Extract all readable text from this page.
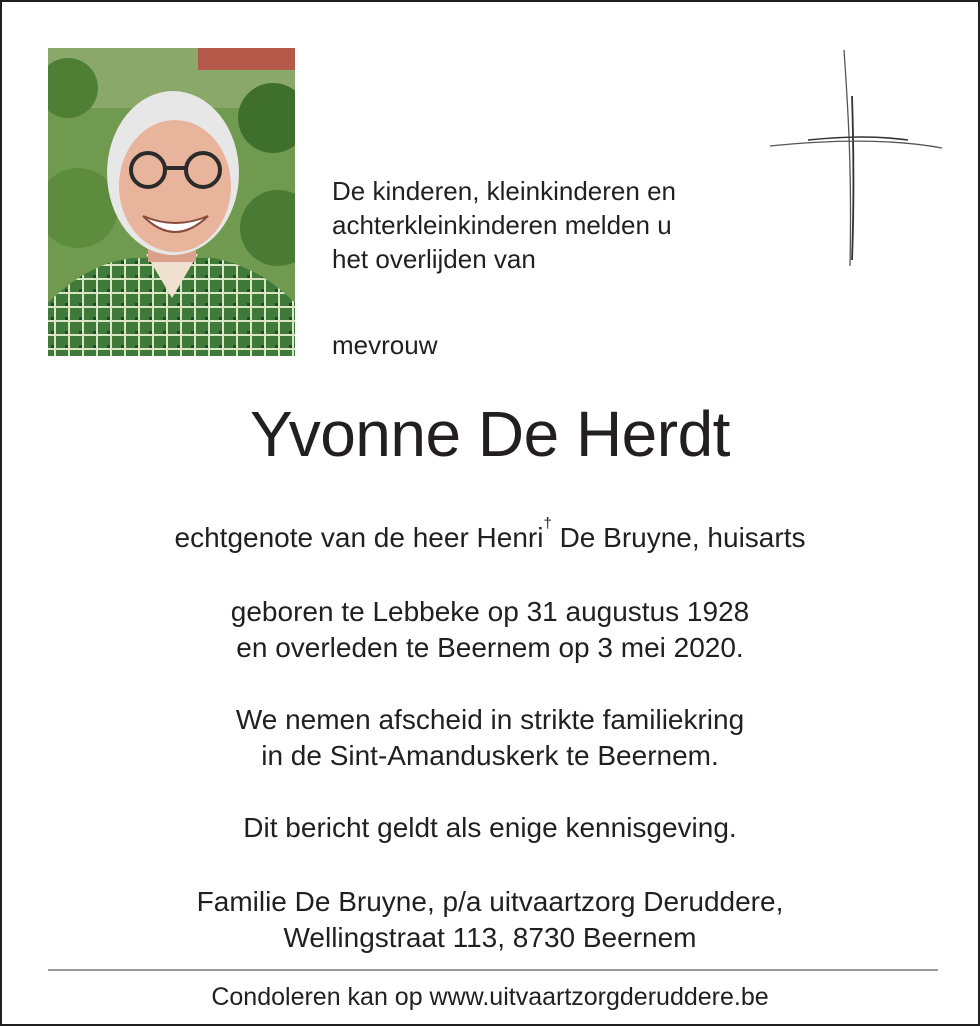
De kinderen, kleinkinderen en
achterkleinkinderen melden u
het overlijden van

mevrouw

Yvonne De Herdt

echtgenote van de heer Henri† De Bruyne, huisarts

geboren te Lebbeke op 31 augustus 1928
en overleden te Beernem op 3 mei 2020.

We nemen afscheid in strikte familiekring
in de Sint-Amanduskerk te Beernem.

Dit bericht geldt als enige kennisgeving.

Familie De Bruyne, p/a uitvaartzorg Deruddere,
Wellingstraat 113, 8730 Beernem

Condoleren kan op www.uitvaartzorgderuddere.be
